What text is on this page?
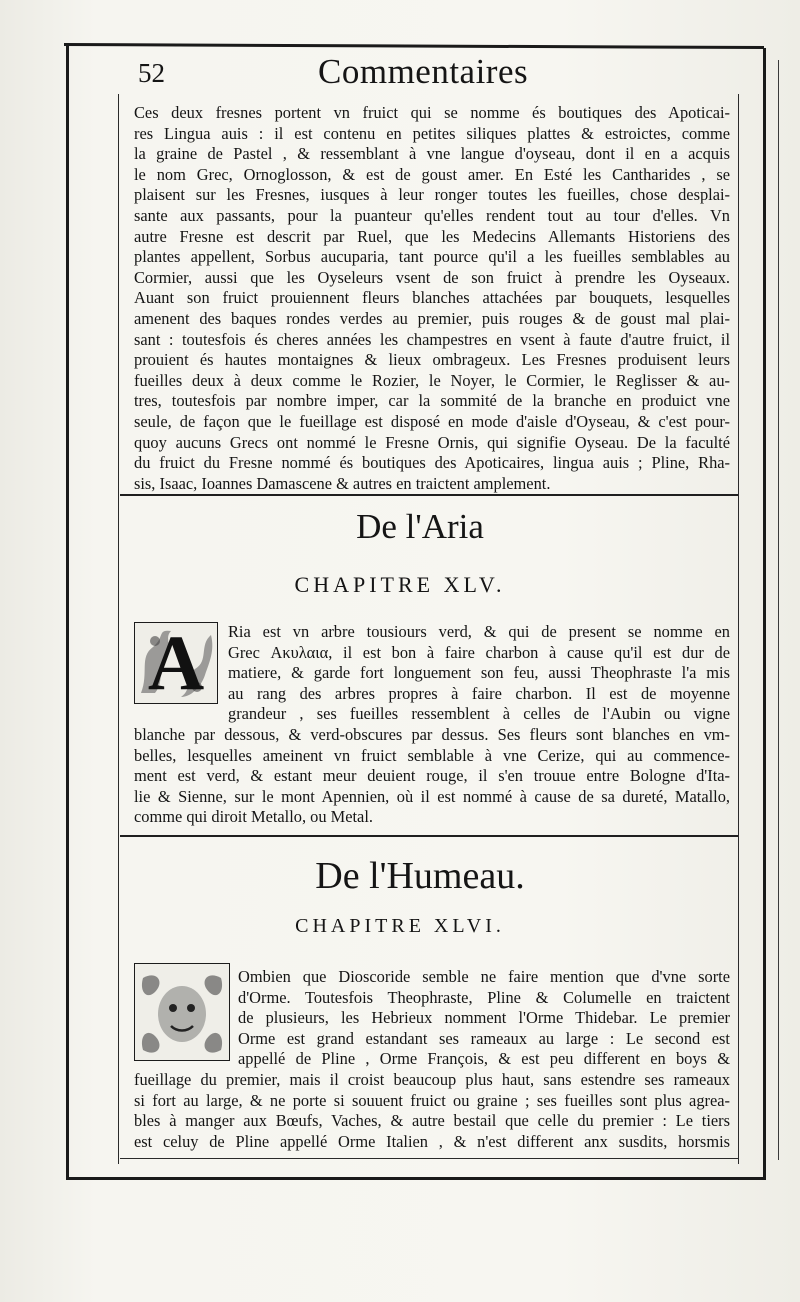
52	Commentaires
Ces deux fresnes portent vn fruict qui se nomme és boutiques des Apoticai-
res Lingua auis : il est contenu en petites siliques plattes & estroictes, comme
la graine de Pastel , & ressemblant à vne langue d'oyseau, dont il en a acquis
le nom Grec, Ornoglosson, & est de goust amer. En Esté les Cantharides , se
plaisent sur les Fresnes, iusques à leur ronger toutes les fueilles, chose desplai-
sante aux passants, pour la puanteur qu'elles rendent tout au tour d'elles. Vn
autre Fresne est descrit par Ruel, que les Medecins Allemants Historiens des
plantes appellent, Sorbus aucuparia, tant pource qu'il a les fueilles semblables au
Cormier, aussi que les Oyseleurs vsent de son fruict à prendre les Oyseaux.
Auant son fruict prouiennent fleurs blanches attachées par bouquets, lesquelles
amenent des baques rondes verdes au premier, puis rouges & de goust mal plai-
sant : toutesfois és cheres années les champestres en vsent à faute d'autre fruict, il
prouient és hautes montaignes & lieux ombrageux. Les Fresnes produisent leurs
fueilles deux à deux comme le Rozier, le Noyer, le Cormier, le Reglisser & au-
tres, toutesfois par nombre imper, car la sommité de la branche en produict vne
seule, de façon que le fueillage est disposé en mode d'aisle d'Oyseau, & c'est pour-
quoy aucuns Grecs ont nommé le Fresne Ornis, qui signifie Oyseau. De la faculté
du fruict du Fresne nommé és boutiques des Apoticaires, lingua auis ; Pline, Rha-
sis, Isaac, Ioannes Damascene & autres en traictent amplement.
De l'Aria
CHAPITRE XLV.
A Ria est vn arbre tousiours verd, & qui de present se nomme en
Grec Ακυλαια, il est bon à faire charbon à cause qu'il est dur de
matiere, & garde fort longuement son feu, aussi Theophraste l'a mis
au rang des arbres propres à faire charbon. Il est de moyenne
grandeur , ses fueilles ressemblent à celles de l'Aubin ou vigne
blanche par dessous, & verd-obscures par dessus. Ses fleurs sont blanches en vm-
belles, lesquelles ameinent vn fruict semblable à vne Cerize, qui au commence-
ment est verd, & estant meur deuient rouge, il s'en trouue entre Bologne d'Ita-
lie & Sienne, sur le mont Apennien, où il est nommé à cause de sa dureté, Matallo,
comme qui diroit Metallo, ou Metal.
De l'Humeau.
CHAPITRE XLVI.
Ombien que Dioscoride semble ne faire mention que d'vne sorte
d'Orme. Toutesfois Theophraste, Pline & Columelle en traictent
de plusieurs, les Hebrieux nomment l'Orme Thidebar. Le premier
Orme est grand estandant ses rameaux au large : Le second est
appellé de Pline , Orme François, & est peu different en boys &
fueillage du premier, mais il croist beaucoup plus haut, sans estendre ses rameaux
si fort au large, & ne porte si souuent fruict ou graine ; ses fueilles sont plus agrea-
bles à manger aux Bœufs, Vaches, & autre bestail que celle du premier : Le tiers
est celuy de Pline appellé Orme Italien , & n'est different anx susdits, horsmis
